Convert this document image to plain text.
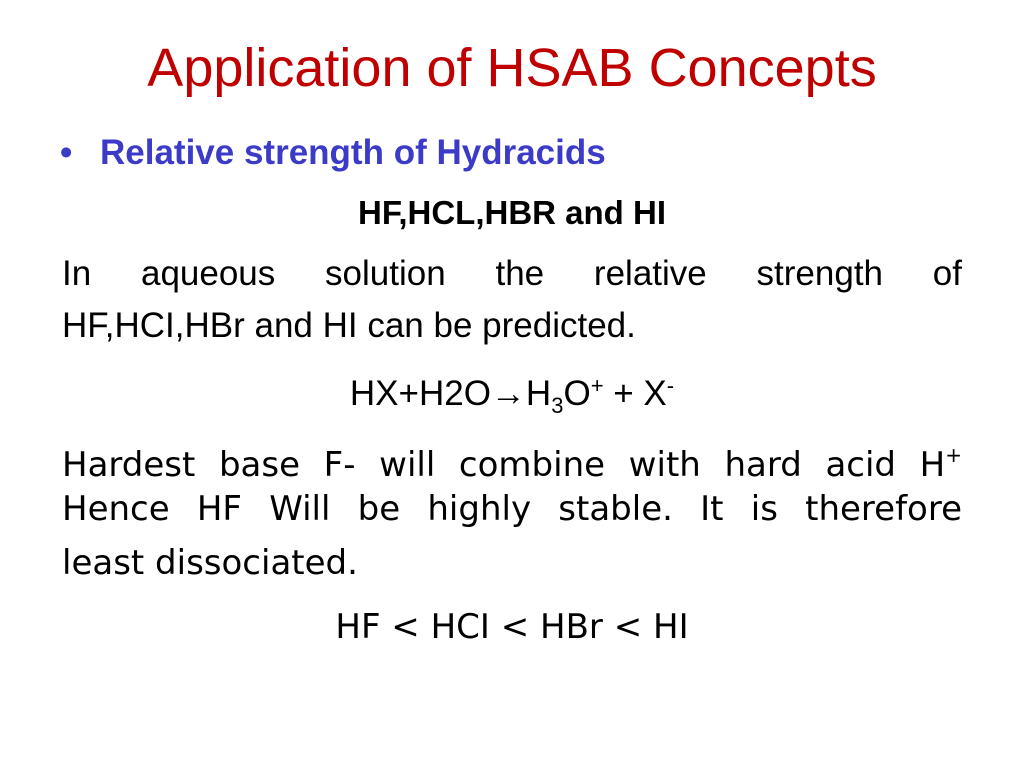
Application of HSAB Concepts
• Relative strength of Hydracids
HF,HCL,HBR and HI
In aqueous solution the relative strength of
HF,HCI,HBr and HI can be predicted.
$HX+H2O\to H_3O^+ + X^-$
Hardest base F- will combine with hard acid H+
Hence HF Will be highly stable. It is therefore
least dissociated.
HF < HCI < HBr < HI
